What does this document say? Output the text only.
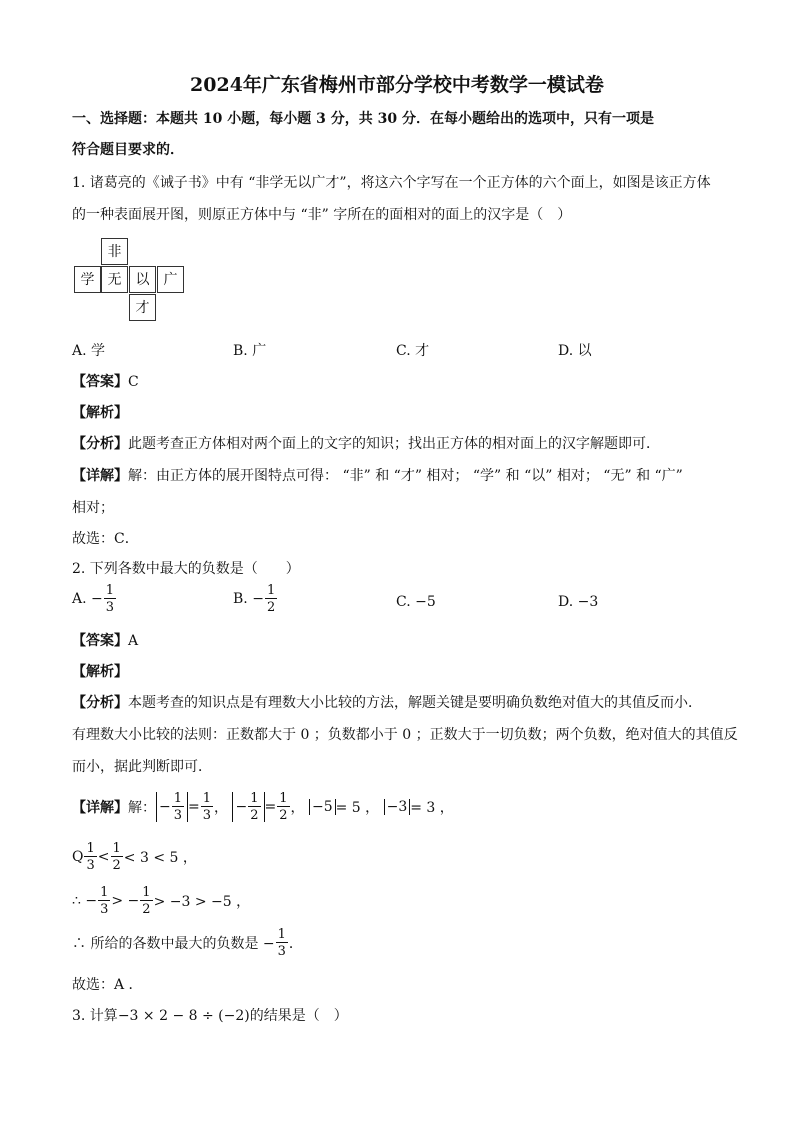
2024年广东省梅州市部分学校中考数学一模试卷
一、选择题：本题共 10 小题，每小题 3 分，共 30 分．在每小题给出的选项中，只有一项是
符合题目要求的．
1. 诸葛亮的《诫子书》中有 “非学无以广才”，将这六个字写在一个正方体的六个面上，如图是该正方体
的一种表面展开图，则原正方体中与 “非” 字所在的面相对的面上的汉字是（　）
非
学 无	以	广
才
A. 学	B. 广	C. 才	D. 以
【答案】C
【解析】
【分析】此题考查正方体相对两个面上的文字的知识；找出正方体的相对面上的汉字解题即可．
【详解】解：由正方体的展开图特点可得： “非” 和 “才” 相对； “学” 和 “以” 相对； “无” 和 “广”
相对；
故选：C．
2. 下列各数中最大的负数是（　　）
A.
− $\frac{1}{3}$	B.
− $\frac{1}{2}$	C. −5	D. −3
【答案】A
【解析】
【分析】本题考查的知识点是有理数大小比较的方法，解题关键是要明确负数绝对值大的其值反而小．
有理数大小比较的法则：正数都大于 0 ；负数都小于 0 ；正数大于一切负数；两个负数，绝对值大的其值反
而小，据此判断即可．
【详解】 解： − $\frac{1}{3} = \frac{1}{3}$ ，
− $\frac{1}{2} = \frac{1}{2}$ ，
−5 = 5 ，
−3 = 3 ，
Q $\frac{1}{3} < \frac{1}{2} < 3 < 5$ ，
∴ − $\frac{1}{3}$ > − $\frac{1}{2} > -3 > -5$ ，
∴ 所给的各数中最大的负数是 − $\frac{1}{3}$ ．
故选：A ．
3. 计算−3 × 2 − 8 ÷ (−2)的结果是（　）
